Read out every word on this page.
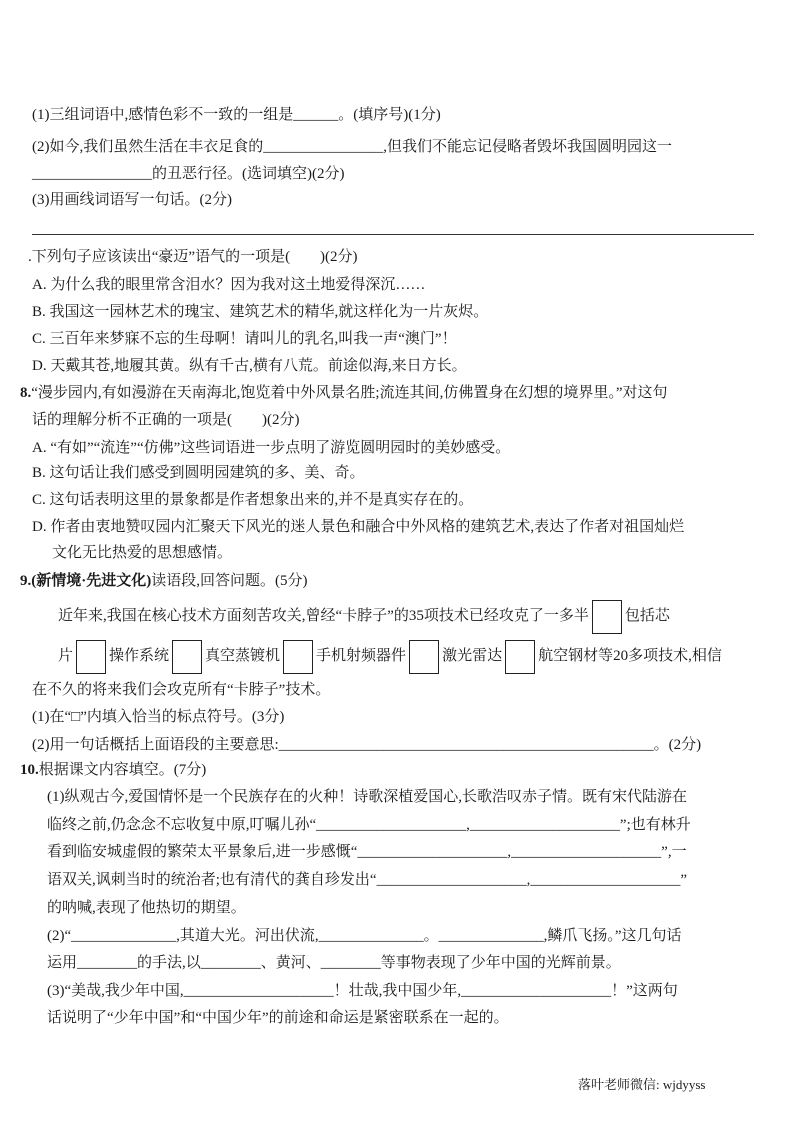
(1)三组词语中,感情色彩不一致的一组是______。(填序号)(1分)
(2)如今,我们虽然生活在丰衣足食的________________,但我们不能忘记侵略者毁坏我国圆明园这一
________________的丑恶行径。(选词填空)(2分)
(3)用画线词语写一句话。(2分)
.下列句子应该读出“豪迈”语气的一项是(　　)(2分)
A. 为什么我的眼里常含泪水？因为我对这土地爱得深沉……
B. 我国这一园林艺术的瑰宝、建筑艺术的精华,就这样化为一片灰烬。
C. 三百年来梦寐不忘的生母啊！请叫儿的乳名,叫我一声“澳门”！
D. 天戴其苍,地履其黄。纵有千古,横有八荒。前途似海,来日方长。
8.“漫步园内,有如漫游在天南海北,饱览着中外风景名胜;流连其间,仿佛置身在幻想的境界里。”对这句
话的理解分析不正确的一项是(　　)(2分)
A. “有如”“流连”“仿佛”这些词语进一步点明了游览圆明园时的美妙感受。
B. 这句话让我们感受到圆明园建筑的多、美、奇。
C. 这句话表明这里的景象都是作者想象出来的,并不是真实存在的。
D. 作者由衷地赞叹园内汇聚天下风光的迷人景色和融合中外风格的建筑艺术,表达了作者对祖国灿烂
文化无比热爱的思想感情。
9.(新情境·先进文化)读语段,回答问题。(5分)
近年来,我国在核心技术方面刻苦攻关,曾经“卡脖子”的35项技术已经攻克了一多半 包括芯
片 操作系统 真空蒸镀机 手机射频器件 激光雷达 航空钢材等20多项技术,相信
在不久的将来我们会攻克所有“卡脖子”技术。
(1)在“□”内填入恰当的标点符号。(3分)
(2)用一句话概括上面语段的主要意思:__________________________________________________。(2分)
10.根据课文内容填空。(7分)
(1)纵观古今,爱国情怀是一个民族存在的火种！诗歌深植爱国心,长歌浩叹赤子情。既有宋代陆游在
临终之前,仍念念不忘收复中原,叮嘱儿孙“____________________,____________________”;也有林升
看到临安城虚假的繁荣太平景象后,进一步感慨“____________________,____________________”,一
语双关,讽刺当时的统治者;也有清代的龚自珍发出“____________________,____________________”
的呐喊,表现了他热切的期望。
(2)“______________,其道大光。河出伏流,______________。______________,鳞爪飞扬。”这几句话
运用________的手法,以________、黄河、________等事物表现了少年中国的光辉前景。
(3)“美哉,我少年中国,____________________！壮哉,我中国少年,____________________！”这两句
话说明了“少年中国”和“中国少年”的前途和命运是紧密联系在一起的。
落叶老师微信: wjdyyss
